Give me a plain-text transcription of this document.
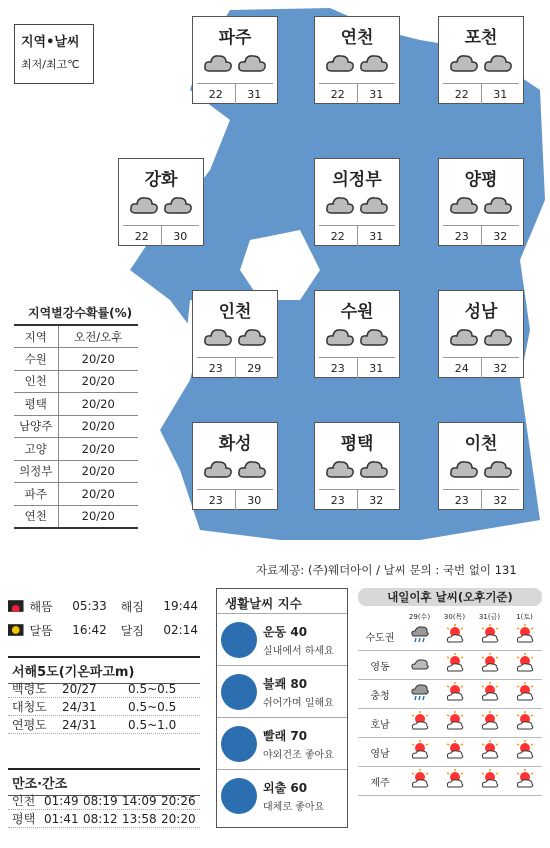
지역•날씨
최저/최고℃
파주
22	31
연천
22	31
포천
22	31
강화
22	30
의정부
22	31
양평
23	32
인천
23	29
수원
23	31
성남
24	32
화성
23	30
평택
23	32
이천
23	32
지역별강수확률(%)
지역	오전/오후
수원	20/20
인천	20/20
평택	20/20
남양주	20/20
고양	20/20
의정부	20/20
파주	20/20
연천	20/20
자료제공: (주)웨더아이 / 날씨 문의 : 국번 없이 131
해뜸	05:33	해짐	19:44
달뜸	16:42	달짐	02:14
서해5도(기온파고m)
백령도	20/27	0.5~0.5
대청도	24/31	0.5~0.5
연평도	24/31	0.5~1.0
만조·간조
인천 01:49 08:19 14:09 20:26
평택 01:41 08:12 13:58 20:20
생활날씨 지수
운동 40
실내에서 하세요
불쾌 80
쉬어가며 일해요
빨래 70
야외건조 좋아요
외출 60
대체로 좋아요
내일이후 날씨(오후기준)
29(수)	30(목)	31(금)	1(토)
수도권
영동
충청
호남
영남
제주
